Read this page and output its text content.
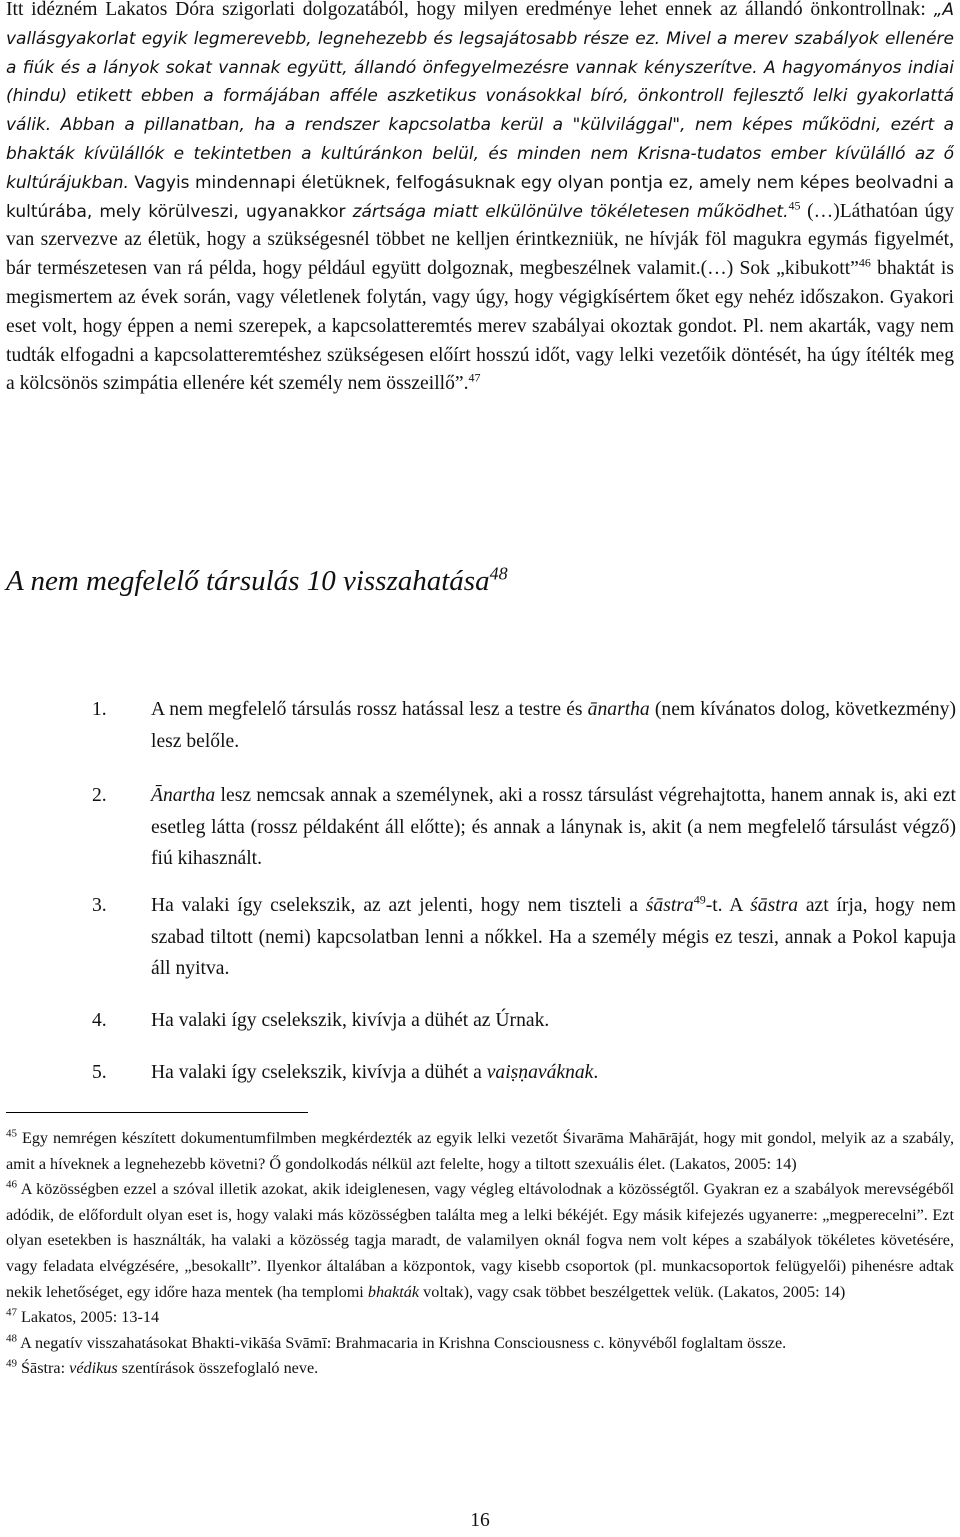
Itt idézném Lakatos Dóra szigorlati dolgozatából, hogy milyen eredménye lehet ennek az állandó önkontrollnak: „A vallásgyakorlat egyik legmerevebb, legnehezebb és legsajátosabb része ez. Mivel a merev szabályok ellenére a fiúk és a lányok sokat vannak együtt, állandó önfegyelmezésre vannak kényszerítve. A hagyományos indiai (hindu) etikett ebben a formájában afféle aszketikus vonásokkal bíró, önkontroll fejlesztő lelki gyakorlattá válik. Abban a pillanatban, ha a rendszer kapcsolatba kerül a "külvilággal", nem képes működni, ezért a bhakták kívülállók e tekintetben a kultúránkon belül, és minden nem Krisna-tudatos ember kívülálló az ő kultúrájukban. Vagyis mindennapi életüknek, felfogásuknak egy olyan pontja ez, amely nem képes beolvadni a kultúrába, mely körülveszi, ugyanakkor zártsága miatt elkülönülve tökéletesen működhet.$^{45}$ (…)Láthatóan úgy van szervezve az életük, hogy a szükségesnél többet ne kelljen érintkezniük, ne hívják föl magukra egymás figyelmét, bár természetesen van rá példa, hogy például együtt dolgoznak, megbeszélnek valamit.(…) Sok „kibukott”$^{46}$ bhaktát is megismertem az évek során, vagy véletlenek folytán, vagy úgy, hogy végigkísértem őket egy nehéz időszakon. Gyakori eset volt, hogy éppen a nemi szerepek, a kapcsolatteremtés merev szabályai okoztak gondot. Pl. nem akarták, vagy nem tudták elfogadni a kapcsolatteremtéshez szükségesen előírt hosszú időt, vagy lelki vezetőik döntését, ha úgy ítélték meg a kölcsönös szimpátia ellenére két személy nem összeillő”.$^{47}$

A nem megfelelő társulás 10 visszahatása$^{48}$
1. A nem megfelelő társulás rossz hatással lesz a testre és ānartha (nem kívánatos dolog, következmény) lesz belőle.
2. Ānartha lesz nemcsak annak a személynek, aki a rossz társulást végrehajtotta, hanem annak is, aki ezt esetleg látta (rossz példaként áll előtte); és annak a lánynak is, akit (a nem megfelelő társulást végző) fiú kihasznált.
3. Ha valaki így cselekszik, az azt jelenti, hogy nem tiszteli a śāstra$^{49}$-t. A śāstra azt írja, hogy nem szabad tiltott (nemi) kapcsolatban lenni a nőkkel. Ha a személy mégis ez teszi, annak a Pokol kapuja áll nyitva.
4. Ha valaki így cselekszik, kivívja a dühét az Úrnak.
5. Ha valaki így cselekszik, kivívja a dühét a vaiṣṇaváknak.

$^{45}$ Egy nemrégen készített dokumentumfilmben megkérdezték az egyik lelki vezetőt Śivarāma Mahārāját, hogy mit gondol, melyik az a szabály, amit a híveknek a legnehezebb követni? Ő gondolkodás nélkül azt felelte, hogy a tiltott szexuális élet. (Lakatos, 2005: 14)

$^{46}$ A közösségben ezzel a szóval illetik azokat, akik ideiglenesen, vagy végleg eltávolodnak a közösségtől. Gyakran ez a szabályok merevségéből adódik, de előfordult olyan eset is, hogy valaki más közösségben találta meg a lelki békéjét. Egy másik kifejezés ugyanerre: „megperecelni”. Ezt olyan esetekben is használták, ha valaki a közösség tagja maradt, de valamilyen oknál fogva nem volt képes a szabályok tökéletes követésére, vagy feladata elvégzésére, „besokallt”. Ilyenkor általában a központok, vagy kisebb csoportok (pl. munkacsoportok felügyelői) pihenésre adtak nekik lehetőséget, egy időre haza mentek (ha templomi bhakták voltak), vagy csak többet beszélgettek velük. (Lakatos, 2005: 14)

$^{47}$ Lakatos, 2005: 13-14

$^{48}$ A negatív visszahatásokat Bhakti-vikāśa Svāmī: Brahmacaria in Krishna Consciousness c. könyvéből foglaltam össze.

$^{49}$ Śāstra: védikus szentírások összefoglaló neve.

16
